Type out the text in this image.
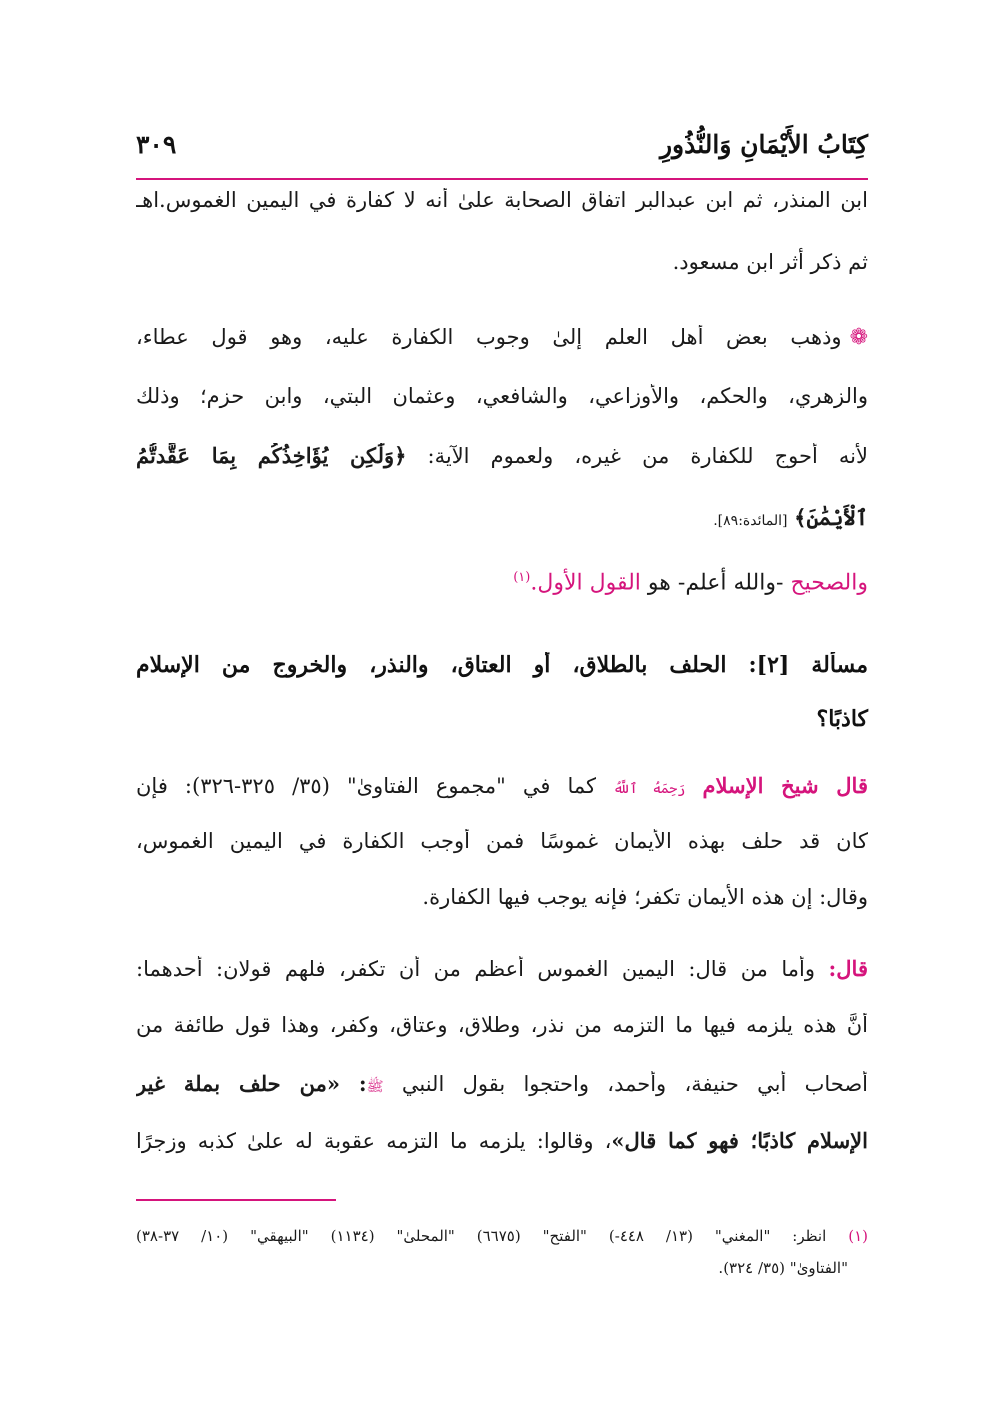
كِتَابُ الأَيْمَانِ وَالنُّذُورِ
٣٠٩
ابن المنذر، ثم ابن عبدالبر اتفاق الصحابة علىٰ أنه لا كفارة في اليمين الغموس.اهـ
ثم ذكر أثر ابن مسعود.
❁وذهب بعض أهل العلم إلىٰ وجوب الكفارة عليه، وهو قول عطاء،
والزهري، والحكم، والأوزاعي، والشافعي، وعثمان البتي، وابن حزم؛ وذلك
لأنه أحوج للكفارة من غيره، ولعموم الآية: ﴿وَلَٰكِن يُؤَاخِذُكُم بِمَا عَقَّدتُّمُ
ٱلْأَيْمَٰنَ﴾ [المائدة:٨٩].
والصحيح -والله أعلم- هو القول الأول.$^{(١)}$
مسألة [٢]: الحلف بالطلاق، أو العتاق، والنذر، والخروج من الإسلام
كاذبًا؟
قال شيخ الإسلام رَحِمَهُ ٱللَّهُ كما في "مجموع الفتاوىٰ" (٣٥/ ٣٢٥-٣٢٦): فإن
كان قد حلف بهذه الأيمان غموسًا فمن أوجب الكفارة في اليمين الغموس،
وقال: إن هذه الأيمان تكفر؛ فإنه يوجب فيها الكفارة.
قال: وأما من قال: اليمين الغموس أعظم من أن تكفر، فلهم قولان: أحدهما:
أنَّ هذه يلزمه فيها ما التزمه من نذر، وطلاق، وعتاق، وكفر، وهذا قول طائفة من
أصحاب أبي حنيفة، وأحمد، واحتجوا بقول النبي ﷺ: «من حلف بملة غير
الإسلام كاذبًا؛ فهو كما قال»، وقالوا: يلزمه ما التزمه عقوبة له علىٰ كذبه وزجرًا
(١) انظر: "المغني" (١٣/ ٤٤٨-) "الفتح" (٦٦٧٥) "المحلىٰ" (١١٣٤) "البيهقي" (١٠/ ٣٧-٣٨)
"الفتاوىٰ" (٣٥/ ٣٢٤).
